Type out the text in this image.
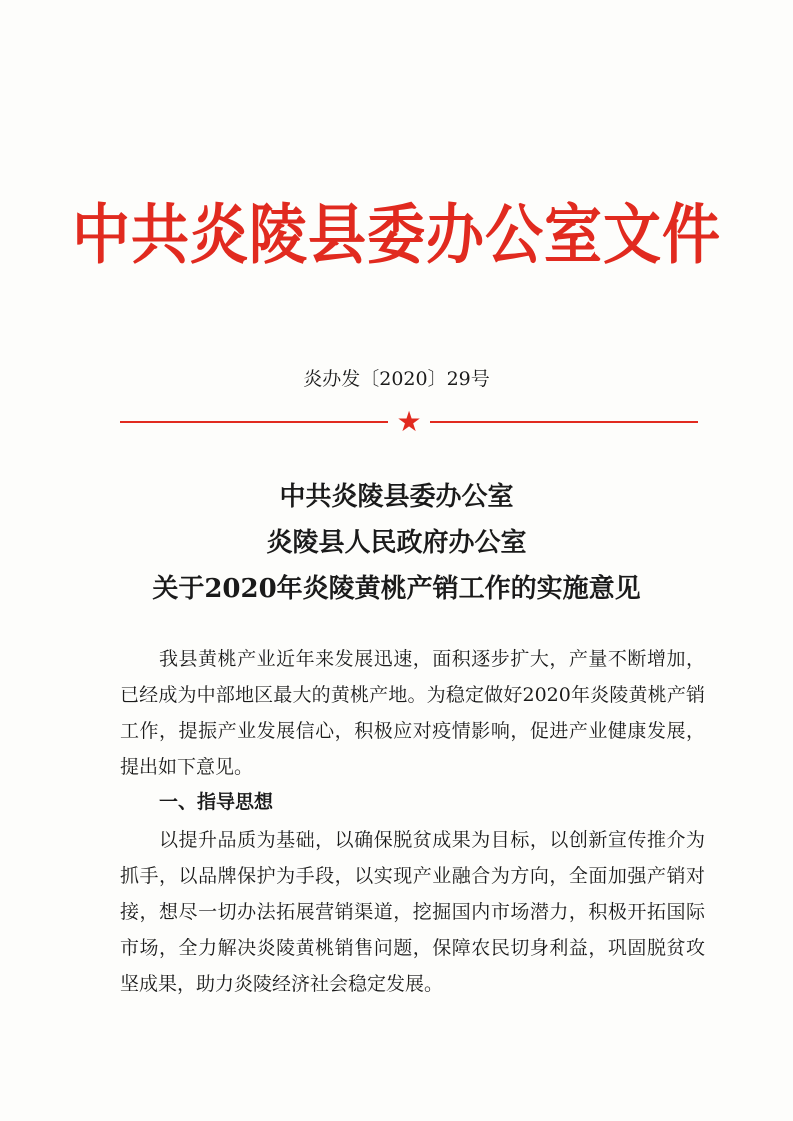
中共炎陵县委办公室文件
炎办发〔2020〕29号
★
中共炎陵县委办公室
炎陵县人民政府办公室
关于2020年炎陵黄桃产销工作的实施意见
我县黄桃产业近年来发展迅速，面积逐步扩大，产量不断增加，已经成为中部地区最大的黄桃产地。为稳定做好2020年炎陵黄桃产销工作，提振产业发展信心，积极应对疫情影响，促进产业健康发展，提出如下意见。
一、指导思想
以提升品质为基础，以确保脱贫成果为目标，以创新宣传推介为抓手，以品牌保护为手段，以实现产业融合为方向，全面加强产销对接，想尽一切办法拓展营销渠道，挖掘国内市场潜力，积极开拓国际市场，全力解决炎陵黄桃销售问题，保障农民切身利益，巩固脱贫攻坚成果，助力炎陵经济社会稳定发展。
